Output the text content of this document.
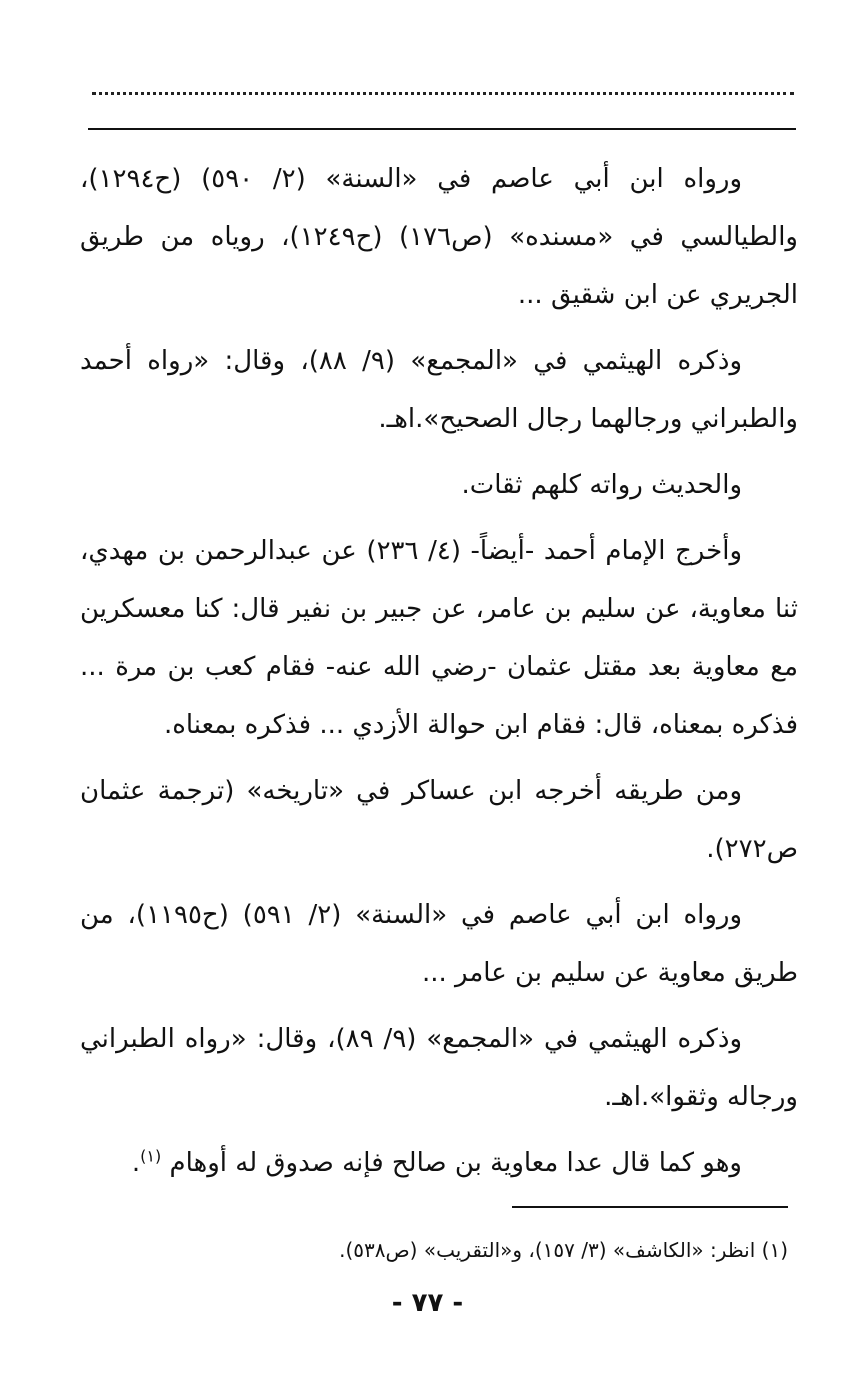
ورواه ابن أبي عاصم في «السنة» (٢/ ٥٩٠) (ح١٢٩٤)، والطيالسي في «مسنده» (ص١٧٦) (ح١٢٤٩)، روياه من طريق الجريري عن ابن شقيق ...

وذكره الهيثمي في «المجمع» (٩/ ٨٨)، وقال: «رواه أحمد والطبراني ورجالهما رجال الصحيح».اهـ.

والحديث رواته كلهم ثقات.

وأخرج الإمام أحمد -أيضاً- (٤/ ٢٣٦) عن عبدالرحمن بن مهدي، ثنا معاوية، عن سليم بن عامر، عن جبير بن نفير قال: كنا معسكرين مع معاوية بعد مقتل عثمان -رضي الله عنه- فقام كعب بن مرة ... فذكره بمعناه، قال: فقام ابن حوالة الأزدي ... فذكره بمعناه.

ومن طريقه أخرجه ابن عساكر في «تاريخه» (ترجمة عثمان ص٢٧٢).

ورواه ابن أبي عاصم في «السنة» (٢/ ٥٩١) (ح١١٩٥)، من طريق معاوية عن سليم بن عامر ...

وذكره الهيثمي في «المجمع» (٩/ ٨٩)، وقال: «رواه الطبراني ورجاله وثقوا».اهـ.

وهو كما قال عدا معاوية بن صالح فإنه صدوق له أوهام $^{(١)}$.

(١) انظر: «الكاشف» (٣/ ١٥٧)، و«التقريب» (ص٥٣٨).
- ٧٧ -
